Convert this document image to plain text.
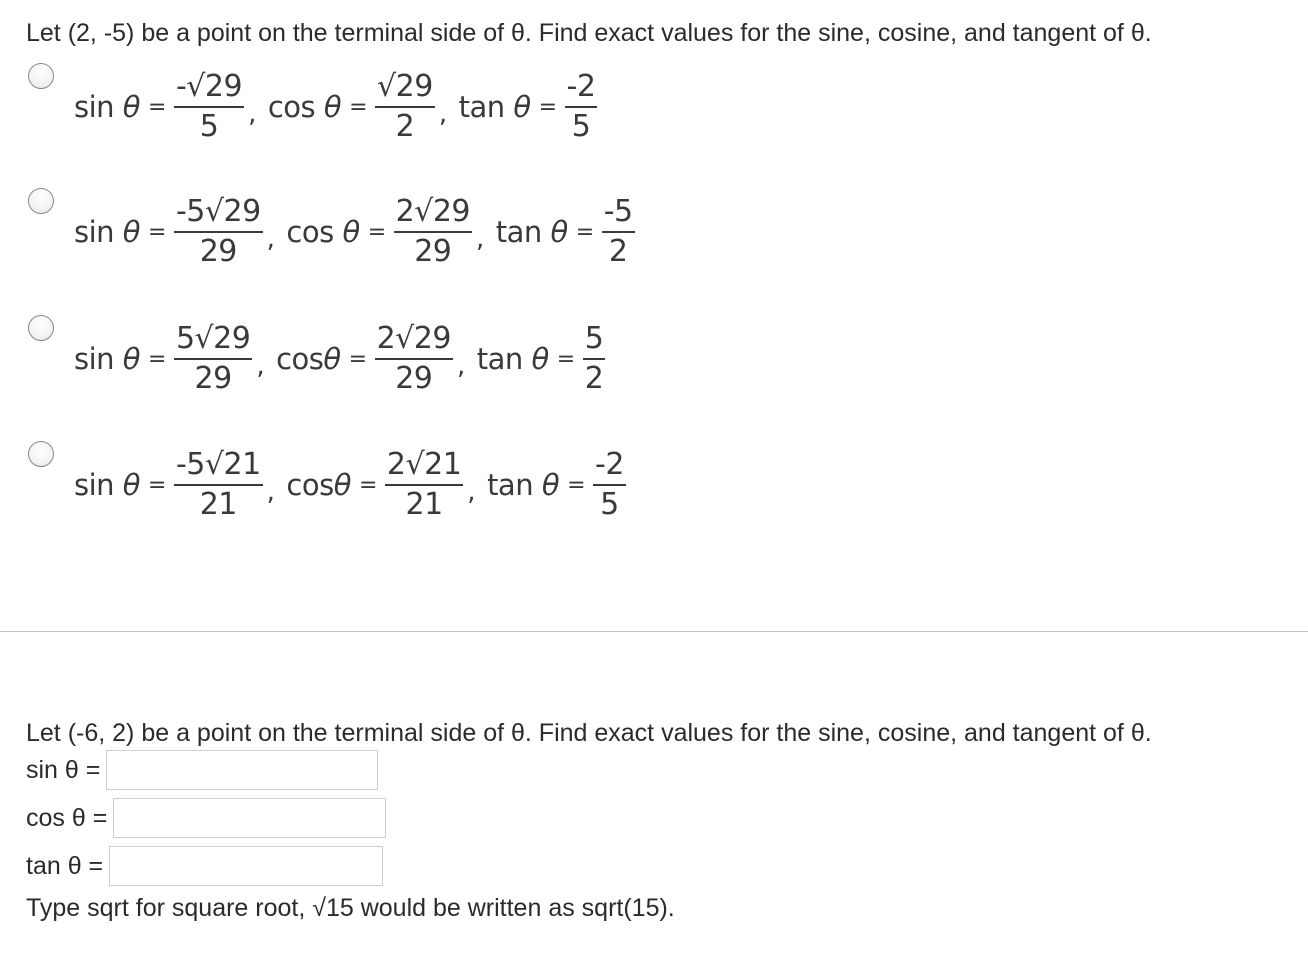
Let (2, -5) be a point on the terminal side of θ. Find exact values for the sine, cosine, and tangent of θ.
$\sin \theta = \frac{-√29}{5}$ , $\cos \theta = \frac{√29}{2}$ , $\tan \theta = \frac{-2}{5}$
$\sin \theta = \frac{-5√29}{29}$ , $\cos \theta = \frac{2√29}{29}$ , $\tan \theta = \frac{-5}{2}$
$\sin \theta = \frac{5√29}{29}$ , $\cos\theta = \frac{2√29}{29}$ , $\tan \theta = \frac{5}{2}$
$\sin \theta = \frac{-5√21}{21}$ , $\cos\theta = \frac{2√21}{21}$ , $\tan \theta = \frac{-2}{5}$
Let (-6, 2) be a point on the terminal side of θ. Find exact values for the sine, cosine, and tangent of θ.
sin θ =
cos θ =
tan θ =
Type sqrt for square root, √15 would be written as sqrt(15).
